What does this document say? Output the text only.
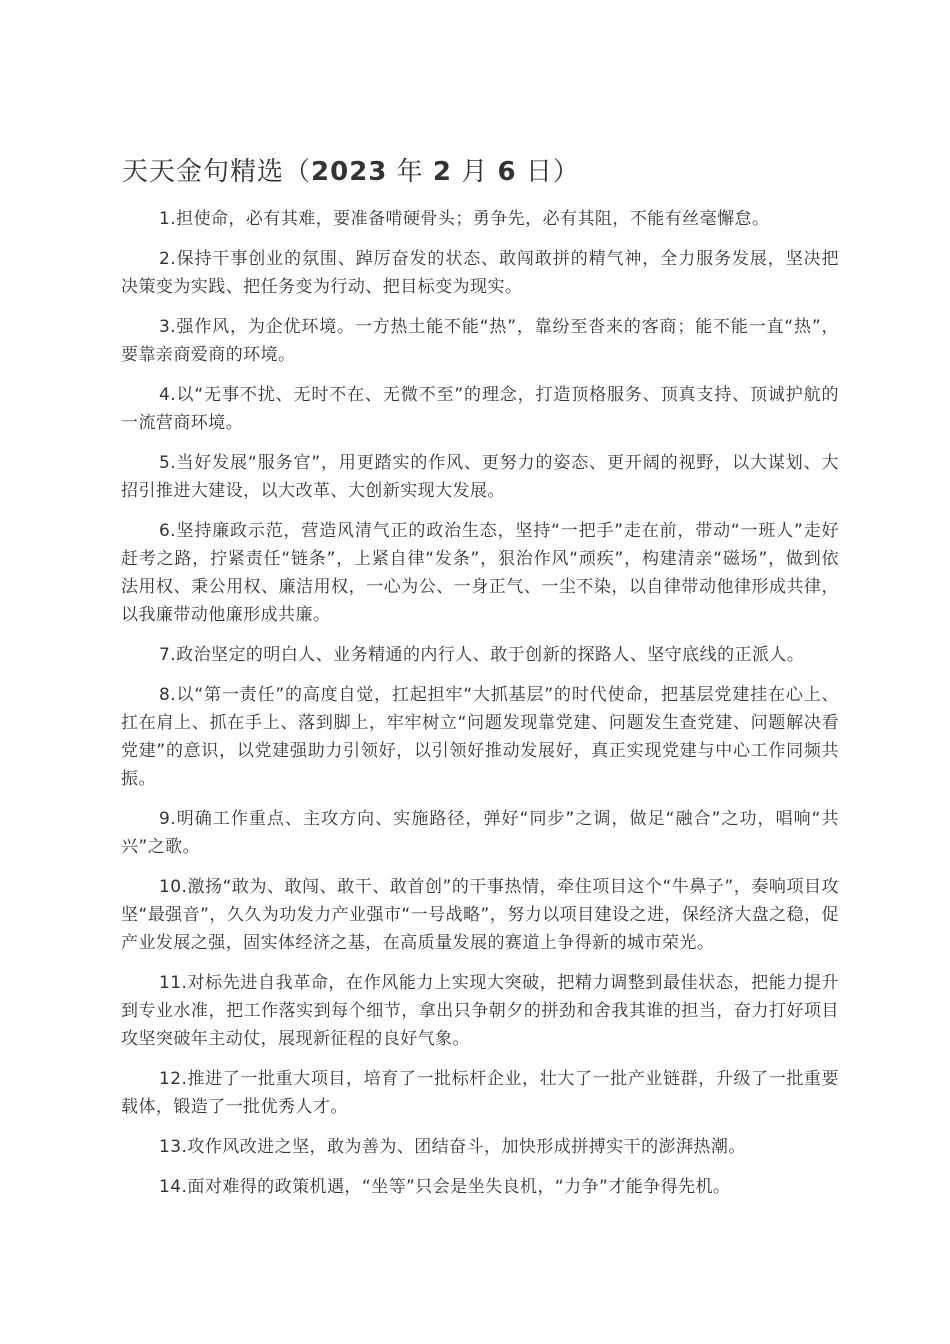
天天金句精选（2023 年 2 月 6 日）

1.担使命，必有其难，要准备啃硬骨头；勇争先，必有其阻，不能有丝毫懈怠。

2.保持干事创业的氛围、踔厉奋发的状态、敢闯敢拼的精气神，全力服务发展，坚决把决策变为实践、把任务变为行动、把目标变为现实。

3.强作风，为企优环境。一方热土能不能“热”，靠纷至沓来的客商；能不能一直“热”，要靠亲商爱商的环境。

4.以“无事不扰、无时不在、无微不至”的理念，打造顶格服务、顶真支持、顶诚护航的一流营商环境。

5.当好发展“服务官”，用更踏实的作风、更努力的姿态、更开阔的视野，以大谋划、大招引推进大建设，以大改革、大创新实现大发展。

6.坚持廉政示范，营造风清气正的政治生态，坚持“一把手”走在前，带动“一班人”走好赶考之路，拧紧责任“链条”，上紧自律“发条”，狠治作风“顽疾”，构建清亲“磁场”，做到依法用权、秉公用权、廉洁用权，一心为公、一身正气、一尘不染，以自律带动他律形成共律，以我廉带动他廉形成共廉。

7.政治坚定的明白人、业务精通的内行人、敢于创新的探路人、坚守底线的正派人。

8.以“第一责任”的高度自觉，扛起担牢“大抓基层”的时代使命，把基层党建挂在心上、扛在肩上、抓在手上、落到脚上，牢牢树立“问题发现靠党建、问题发生查党建、问题解决看党建”的意识，以党建强助力引领好，以引领好推动发展好，真正实现党建与中心工作同频共振。

9.明确工作重点、主攻方向、实施路径，弹好“同步”之调，做足“融合”之功，唱响“共兴”之歌。

10.激扬“敢为、敢闯、敢干、敢首创”的干事热情，牵住项目这个“牛鼻子”，奏响项目攻坚“最强音”，久久为功发力产业强市“一号战略”，努力以项目建设之进，保经济大盘之稳，促产业发展之强，固实体经济之基，在高质量发展的赛道上争得新的城市荣光。

11.对标先进自我革命，在作风能力上实现大突破，把精力调整到最佳状态，把能力提升到专业水准，把工作落实到每个细节，拿出只争朝夕的拼劲和舍我其谁的担当，奋力打好项目攻坚突破年主动仗，展现新征程的良好气象。

12.推进了一批重大项目，培育了一批标杆企业，壮大了一批产业链群，升级了一批重要载体，锻造了一批优秀人才。

13.攻作风改进之坚，敢为善为、团结奋斗，加快形成拼搏实干的澎湃热潮。

14.面对难得的政策机遇，“坐等”只会是坐失良机，“力争”才能争得先机。
